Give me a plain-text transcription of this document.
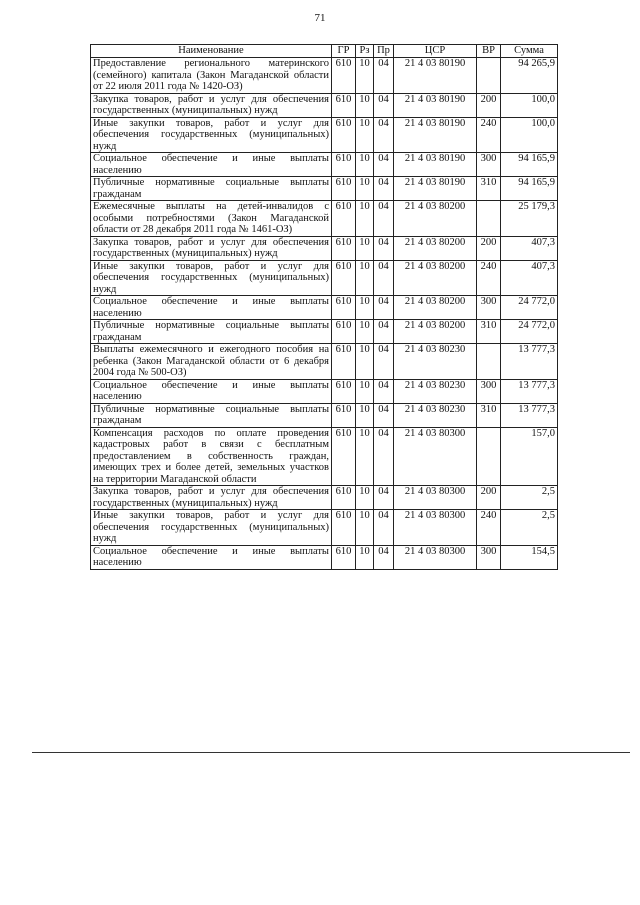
71
Наименование	ГР	Рз	Пр	ЦСР	ВР	Сумма
Предоставление регионального материнского (семейного) капитала (Закон Магаданской области от 22 июля 2011 года № 1420-ОЗ)	610	10	04	21 4 03 80190		94 265,9
Закупка товаров, работ и услуг для обеспечения государственных (муниципальных) нужд	610	10	04	21 4 03 80190	200	100,0
Иные закупки товаров, работ и услуг для обеспечения государственных (муниципальных) нужд	610	10	04	21 4 03 80190	240	100,0
Социальное обеспечение и иные выплаты населению	610	10	04	21 4 03 80190	300	94 165,9
Публичные нормативные социальные выплаты гражданам	610	10	04	21 4 03 80190	310	94 165,9
Ежемесячные выплаты на детей-инвалидов с особыми потребностями (Закон Магаданской области от 28 декабря 2011 года № 1461-ОЗ)	610	10	04	21 4 03 80200		25 179,3
Закупка товаров, работ и услуг для обеспечения государственных (муниципальных) нужд	610	10	04	21 4 03 80200	200	407,3
Иные закупки товаров, работ и услуг для обеспечения государственных (муниципальных) нужд	610	10	04	21 4 03 80200	240	407,3
Социальное обеспечение и иные выплаты населению	610	10	04	21 4 03 80200	300	24 772,0
Публичные нормативные социальные выплаты гражданам	610	10	04	21 4 03 80200	310	24 772,0
Выплаты ежемесячного и ежегодного пособия на ребенка (Закон Магаданской области от 6 декабря 2004 года № 500-ОЗ)	610	10	04	21 4 03 80230		13 777,3
Социальное обеспечение и иные выплаты населению	610	10	04	21 4 03 80230	300	13 777,3
Публичные нормативные социальные выплаты гражданам	610	10	04	21 4 03 80230	310	13 777,3
Компенсация расходов по оплате проведения кадастровых работ в связи с бесплатным предоставлением в собственность граждан, имеющих трех и более детей, земельных участков на территории Магаданской области	610	10	04	21 4 03 80300		157,0
Закупка товаров, работ и услуг для обеспечения государственных (муниципальных) нужд	610	10	04	21 4 03 80300	200	2,5
Иные закупки товаров, работ и услуг для обеспечения государственных (муниципальных) нужд	610	10	04	21 4 03 80300	240	2,5
Социальное обеспечение и иные выплаты населению	610	10	04	21 4 03 80300	300	154,5
